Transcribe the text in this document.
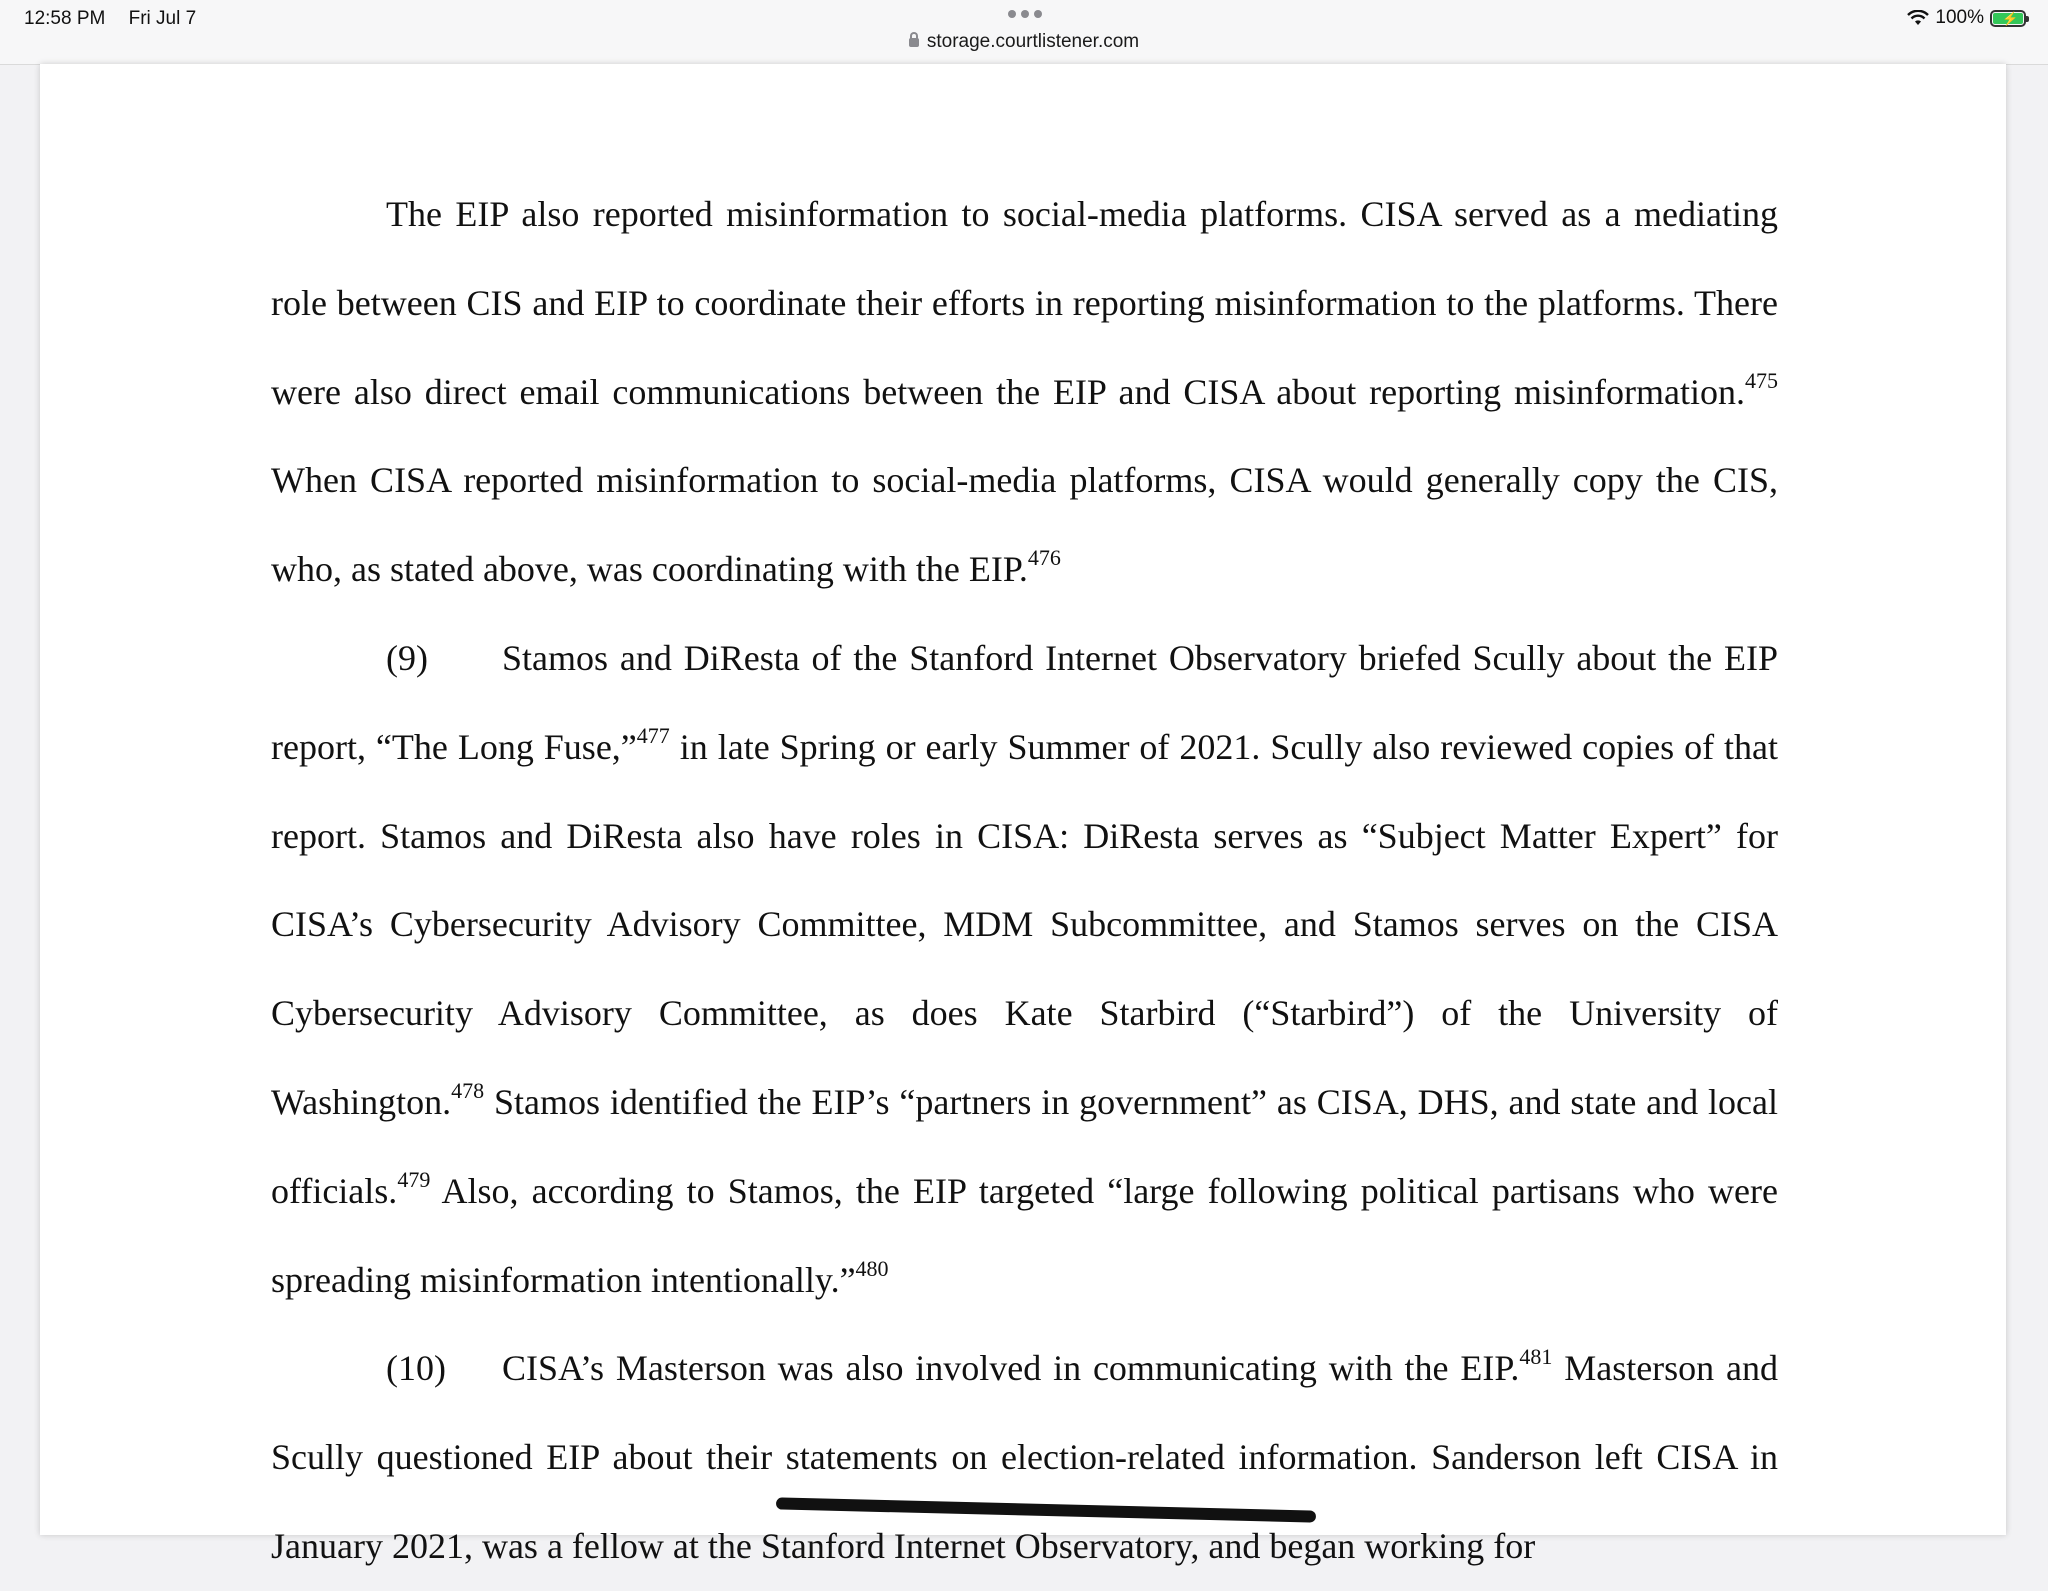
12:58 PM Fri Jul 7
storage.courtlistener.com
100% ⚡

The EIP also reported misinformation to social-media platforms. CISA served as a mediating role between CIS and EIP to coordinate their efforts in reporting misinformation to the platforms. There were also direct email communications between the EIP and CISA about reporting misinformation.$^{475}$ When CISA reported misinformation to social-media platforms, CISA would generally copy the CIS, who, as stated above, was coordinating with the EIP.$^{476}$

(9) Stamos and DiResta of the Stanford Internet Observatory briefed Scully about the EIP report, “The Long Fuse,”$^{477}$ in late Spring or early Summer of 2021. Scully also reviewed copies of that report. Stamos and DiResta also have roles in CISA: DiResta serves as “Subject Matter Expert” for CISA’s Cybersecurity Advisory Committee, MDM Subcommittee, and Stamos serves on the CISA Cybersecurity Advisory Committee, as does Kate Starbird (“Starbird”) of the University of Washington.$^{478}$ Stamos identified the EIP’s “partners in government” as CISA, DHS, and state and local officials.$^{479}$ Also, according to Stamos, the EIP targeted “large following political partisans who were spreading misinformation intentionally.”$^{480}$

(10) CISA’s Masterson was also involved in communicating with the EIP.$^{481}$ Masterson and Scully questioned EIP about their statements on election-related information. Sanderson left CISA in January 2021, was a fellow at the Stanford Internet Observatory, and began working for
